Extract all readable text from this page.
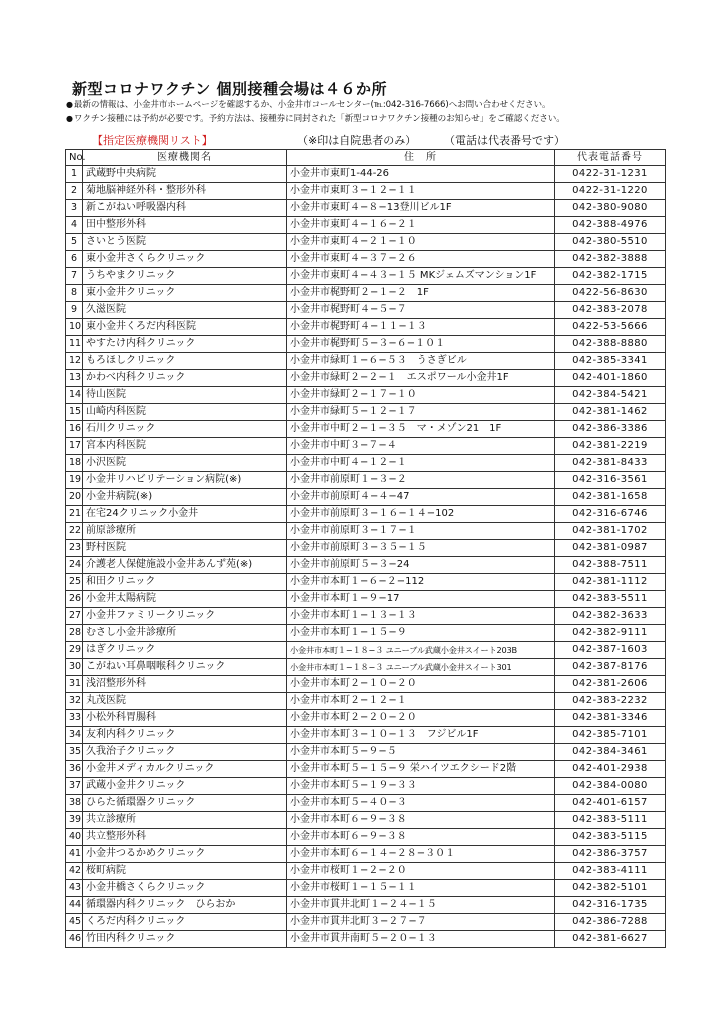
新型コロナワクチン 個別接種会場は４６か所
●最新の情報は、小金井市ホームページを確認するか、小金井市コールセンター(℡:042-316-7666)へお問い合わせください。
●ワクチン接種には予約が必要です。予約方法は、接種券に同封された「新型コロナワクチン接種のお知らせ」をご確認ください。
【指定医療機関リスト】	（※印は自院患者のみ）	（電話は代表番号です）
No.	医療機関名	住　所	代表電話番号
1	武蔵野中央病院	小金井市東町1-44-26	0422-31-1231
2	菊地脳神経外科・整形外科	小金井市東町３−１２−１１	0422-31-1220
3	新こがねい呼吸器内科	小金井市東町４−８−13登川ビル1F	042-380-9080
4	田中整形外科	小金井市東町４−１６−２１	042-388-4976
5	さいとう医院	小金井市東町４−２１−１０	042-380-5510
6	東小金井さくらクリニック	小金井市東町４−３７−２６	042-382-3888
7	うちやまクリニック	小金井市東町４−４３−１５ MKジェムズマンション1F	042-382-1715
8	東小金井クリニック	小金井市梶野町２−１−２　1F	0422-56-8630
9	久滋医院	小金井市梶野町４−５−７	042-383-2078
10	東小金井くろだ内科医院	小金井市梶野町４−１１−１３	0422-53-5666
11	やすたけ内科クリニック	小金井市梶野町５−３−６−１０１	042-388-8880
12	もろほしクリニック	小金井市緑町１−６−５３　うさぎビル	042-385-3341
13	かわべ内科クリニック	小金井市緑町２−２−１　エスポワール小金井1F	042-401-1860
14	待山医院	小金井市緑町２−１７−１０	042-384-5421
15	山崎内科医院	小金井市緑町５−１２−１７	042-381-1462
16	石川クリニック	小金井市中町２−１−３５　マ・メゾン21　1F	042-386-3386
17	宮本内科医院	小金井市中町３−７−４	042-381-2219
18	小沢医院	小金井市中町４−１２−１	042-381-8433
19	小金井リハビリテーション病院(※)	小金井市前原町１−３−２	042-316-3561
20	小金井病院(※)	小金井市前原町４−４−47	042-381-1658
21	在宅24クリニック小金井	小金井市前原町３−１６−１４−102	042-316-6746
22	前原診療所	小金井市前原町３−１７−１	042-381-1702
23	野村医院	小金井市前原町３−３５−１５	042-381-0987
24	介護老人保健施設小金井あんず苑(※)	小金井市前原町５−３−24	042-388-7511
25	和田クリニック	小金井市本町１−６−２−112	042-381-1112
26	小金井太陽病院	小金井市本町１−９−17	042-383-5511
27	小金井ファミリークリニック	小金井市本町１−１３−１３	042-382-3633
28	むさし小金井診療所	小金井市本町１−１５−９	042-382-9111
29	はぎクリニック	小金井市本町１−１８−３ ユニーブル武蔵小金井スイート203B	042-387-1603
30	こがねい耳鼻咽喉科クリニック	小金井市本町１−１８−３ ユニーブル武蔵小金井スイート301	042-387-8176
31	浅沼整形外科	小金井市本町２−１０−２０	042-381-2606
32	丸茂医院	小金井市本町２−１２−１	042-383-2232
33	小松外科胃腸科	小金井市本町２−２０−２０	042-381-3346
34	友利内科クリニック	小金井市本町３−１０−１３　フジビル1F	042-385-7101
35	久我治子クリニック	小金井市本町５−９−５	042-384-3461
36	小金井メディカルクリニック	小金井市本町５−１５−９ 栄ハイツエクシード2階	042-401-2938
37	武蔵小金井クリニック	小金井市本町５−１９−３３	042-384-0080
38	ひらた循環器クリニック	小金井市本町５−４０−３	042-401-6157
39	共立診療所	小金井市本町６−９−３８	042-383-5111
40	共立整形外科	小金井市本町６−９−３８	042-383-5115
41	小金井つるかめクリニック	小金井市本町６−１４−２８−３０１	042-386-3757
42	桜町病院	小金井市桜町１−２−２０	042-383-4111
43	小金井橋さくらクリニック	小金井市桜町１−１５−１１	042-382-5101
44	循環器内科クリニック　ひらおか	小金井市貫井北町１−２４−１５	042-316-1735
45	くろだ内科クリニック	小金井市貫井北町３−２７−７	042-386-7288
46	竹田内科クリニック	小金井市貫井南町５−２０−１３	042-381-6627
